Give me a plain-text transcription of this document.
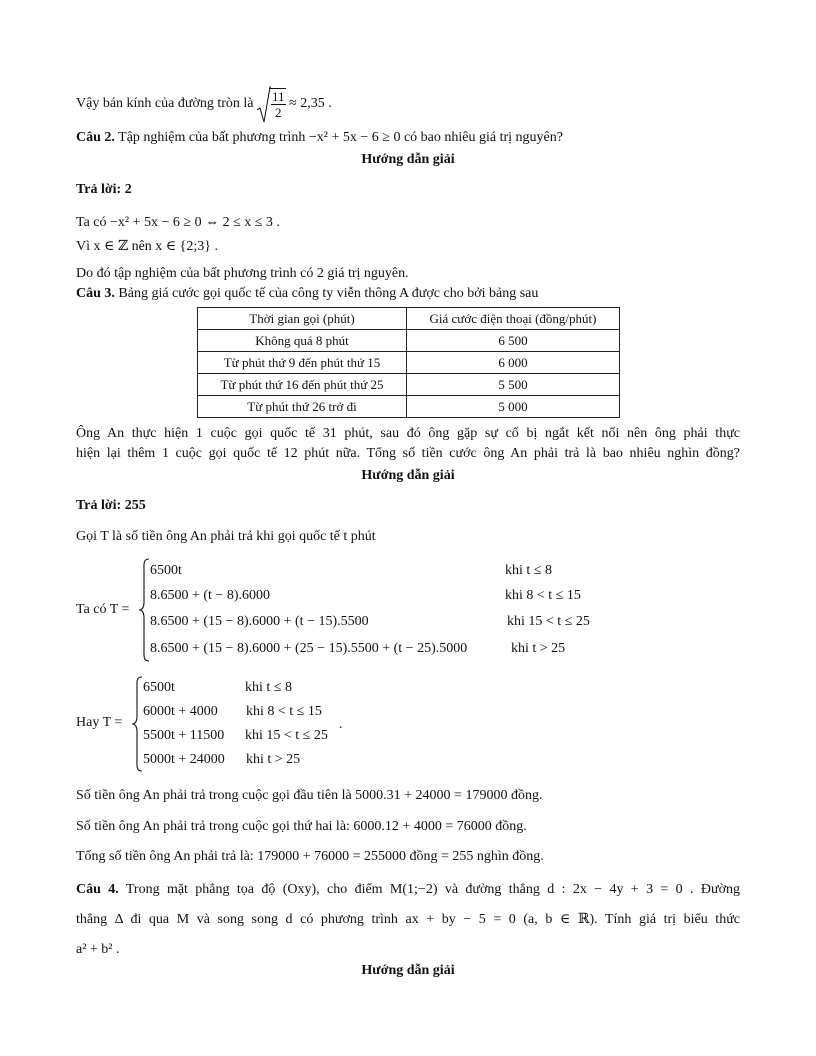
Vậy bán kính của đường tròn là $\frac{11}{2} \approx 2,35$ .
Câu 2. Tập nghiệm của bất phương trình −x² + 5x − 6 ≥ 0 có bao nhiêu giá trị nguyên?
Hướng dẫn giải
Trả lời: 2
Ta có −x² + 5x − 6 ≥ 0 ⇔ 2 ≤ x ≤ 3 .
Vì x ∈ ℤ nên x ∈ {2;3} .
Do đó tập nghiệm của bất phương trình có 2 giá trị nguyên.
Câu 3. Bảng giá cước gọi quốc tế của công ty viễn thông A được cho bởi bảng sau
Thời gian gọi (phút)	Giá cước điện thoại (đồng/phút)
Không quá 8 phút	6 500
Từ phút thứ 9 đến phút thứ 15	6 000
Từ phút thứ 16 đến phút thứ 25	5 500
Từ phút thứ 26 trở đi	5 000
Ông An thực hiện 1 cuộc gọi quốc tế 31 phút, sau đó ông gặp sự cố bị ngắt kết nối nên ông phải thực
hiện lại thêm 1 cuộc gọi quốc tế 12 phút nữa. Tổng số tiền cước ông An phải trả là bao nhiêu nghìn đồng?
Hướng dẫn giải
Trả lời: 255
Gọi T là số tiền ông An phải trả khi gọi quốc tế t phút
Ta có T =
6500t	khi t ≤ 8
8.6500 + (t − 8).6000	khi 8 < t ≤ 15
8.6500 + (15 − 8).6000 + (t − 15).5500	khi 15 < t ≤ 25
8.6500 + (15 − 8).6000 + (25 − 15).5500 + (t − 25).5000	khi t > 25
Hay T =
6500t	khi t ≤ 8
6000t + 4000 khi 8 < t ≤ 15
5500t + 11500 khi 15 < t ≤ 25
5000t + 24000 khi t > 25
.
Số tiền ông An phải trả trong cuộc gọi đầu tiên là 5000.31 + 24000 = 179000 đồng.
Số tiền ông An phải trả trong cuộc gọi thứ hai là: 6000.12 + 4000 = 76000 đồng.
Tổng số tiền ông An phải trả là: 179000 + 76000 = 255000 đồng = 255 nghìn đồng.
Câu 4. Trong mặt phẳng tọa độ (Oxy), cho điểm M(1;−2) và đường thẳng d : 2x − 4y + 3 = 0 . Đường
thẳng Δ đi qua M và song song d có phương trình ax + by − 5 = 0 (a, b ∈ ℝ). Tính giá trị biểu thức
a² + b² .
Hướng dẫn giải
